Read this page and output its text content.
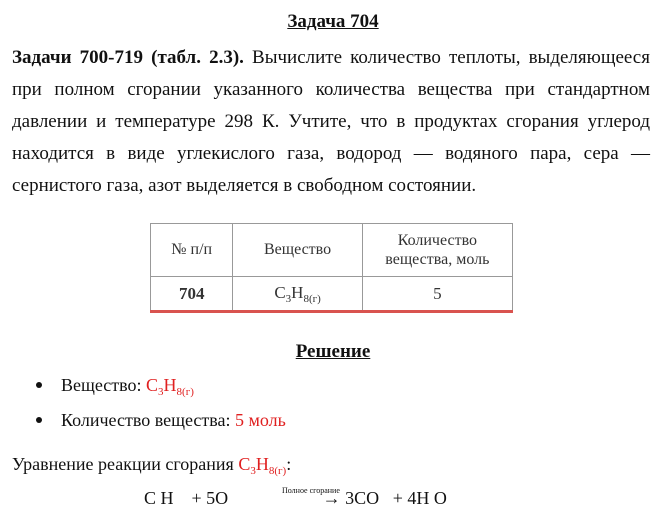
Задача 704
Задачи 700-719 (табл. 2.3). Вычислите количество теплоты, выделяющееся при полном сгорании указанного количества вещества при стандартном давлении и температуре 298 К. Учтите, что в продуктах сгорания углерод находится в виде углекислого газа, водород — водяного пара, сера — сернистого газа, азот выделяется в свободном состоянии.
№ п/п	Вещество	Количество вещества, моль
704	$C_3H_{8(г)}$	5
Решение
Вещество: $C_3H_{8(г)}$
Количество вещества: 5 моль
Уравнение реакции сгорания $C_3H_{8(г)}$:
Полное сгорание
C H    + 5O	→ 3CO + 4H O
